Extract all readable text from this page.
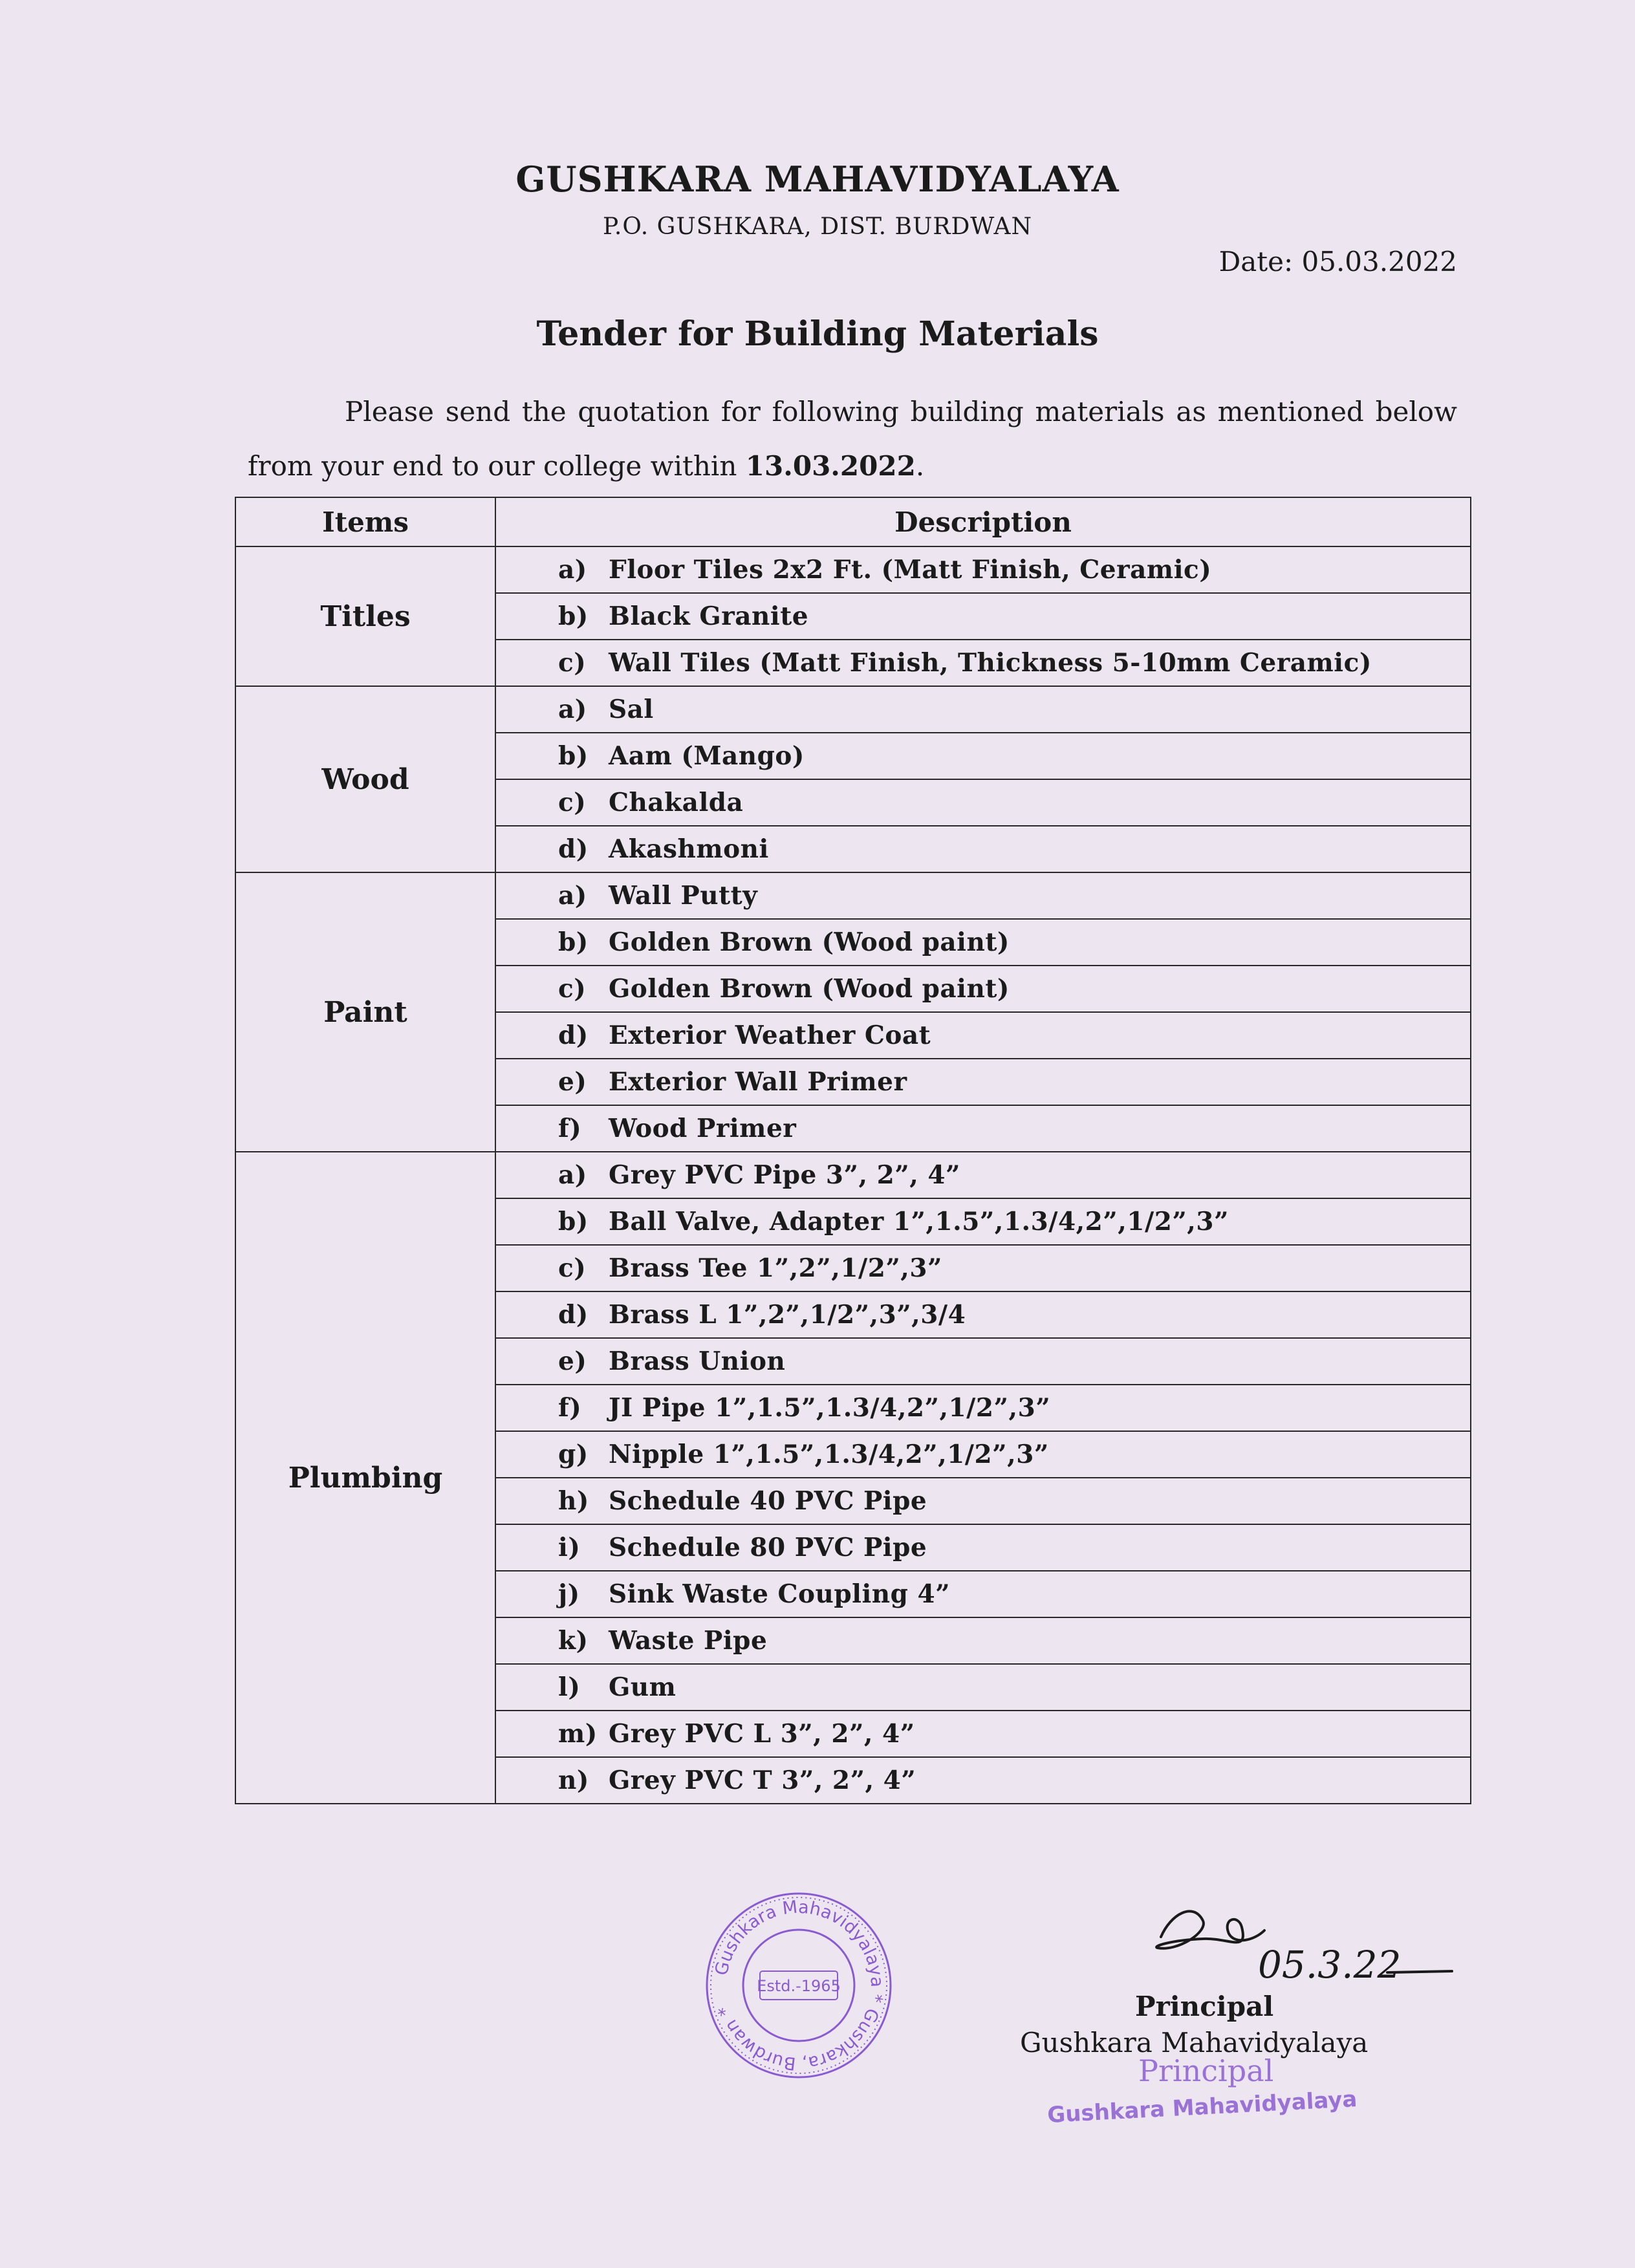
GUSHKARA MAHAVIDYALAYA
P.O. GUSHKARA, DIST. BURDWAN
Date: 05.03.2022
Tender for Building Materials
Please send the quotation for following building materials as mentioned below from your end to our college within 13.03.2022.
Items	Description
Titles	a) Floor Tiles 2x2 Ft. (Matt Finish, Ceramic)
	b) Black Granite
	c) Wall Tiles (Matt Finish, Thickness 5-10mm Ceramic)
Wood	a) Sal
	b) Aam (Mango)
	c) Chakalda
	d) Akashmoni
Paint	a) Wall Putty
	b) Golden Brown (Wood paint)
	c) Golden Brown (Wood paint)
	d) Exterior Weather Coat
	e) Exterior Wall Primer
	f) Wood Primer
Plumbing	a) Grey PVC Pipe 3”, 2”, 4”
	b) Ball Valve, Adapter 1”,1.5”,1.3/4,2”,1/2”,3”
	c) Brass Tee 1”,2”,1/2”,3”
	d) Brass L 1”,2”,1/2”,3”,3/4
	e) Brass Union
	f) JI Pipe 1”,1.5”,1.3/4,2”,1/2”,3”
	g) Nipple 1”,1.5”,1.3/4,2”,1/2”,3”
	h) Schedule 40 PVC Pipe
	i) Schedule 80 PVC Pipe
	j) Sink Waste Coupling 4”
	k) Waste Pipe
	l) Gum
	m) Grey PVC L 3”, 2”, 4”
	n) Grey PVC T 3”, 2”, 4”
Gushkara Mahavidyalaya * Gushkara, Burdwan *
Estd.-1965	05.3.22
Principal
Gushkara Mahavidyalaya
Principal
Gushkara Mahavidyalaya
